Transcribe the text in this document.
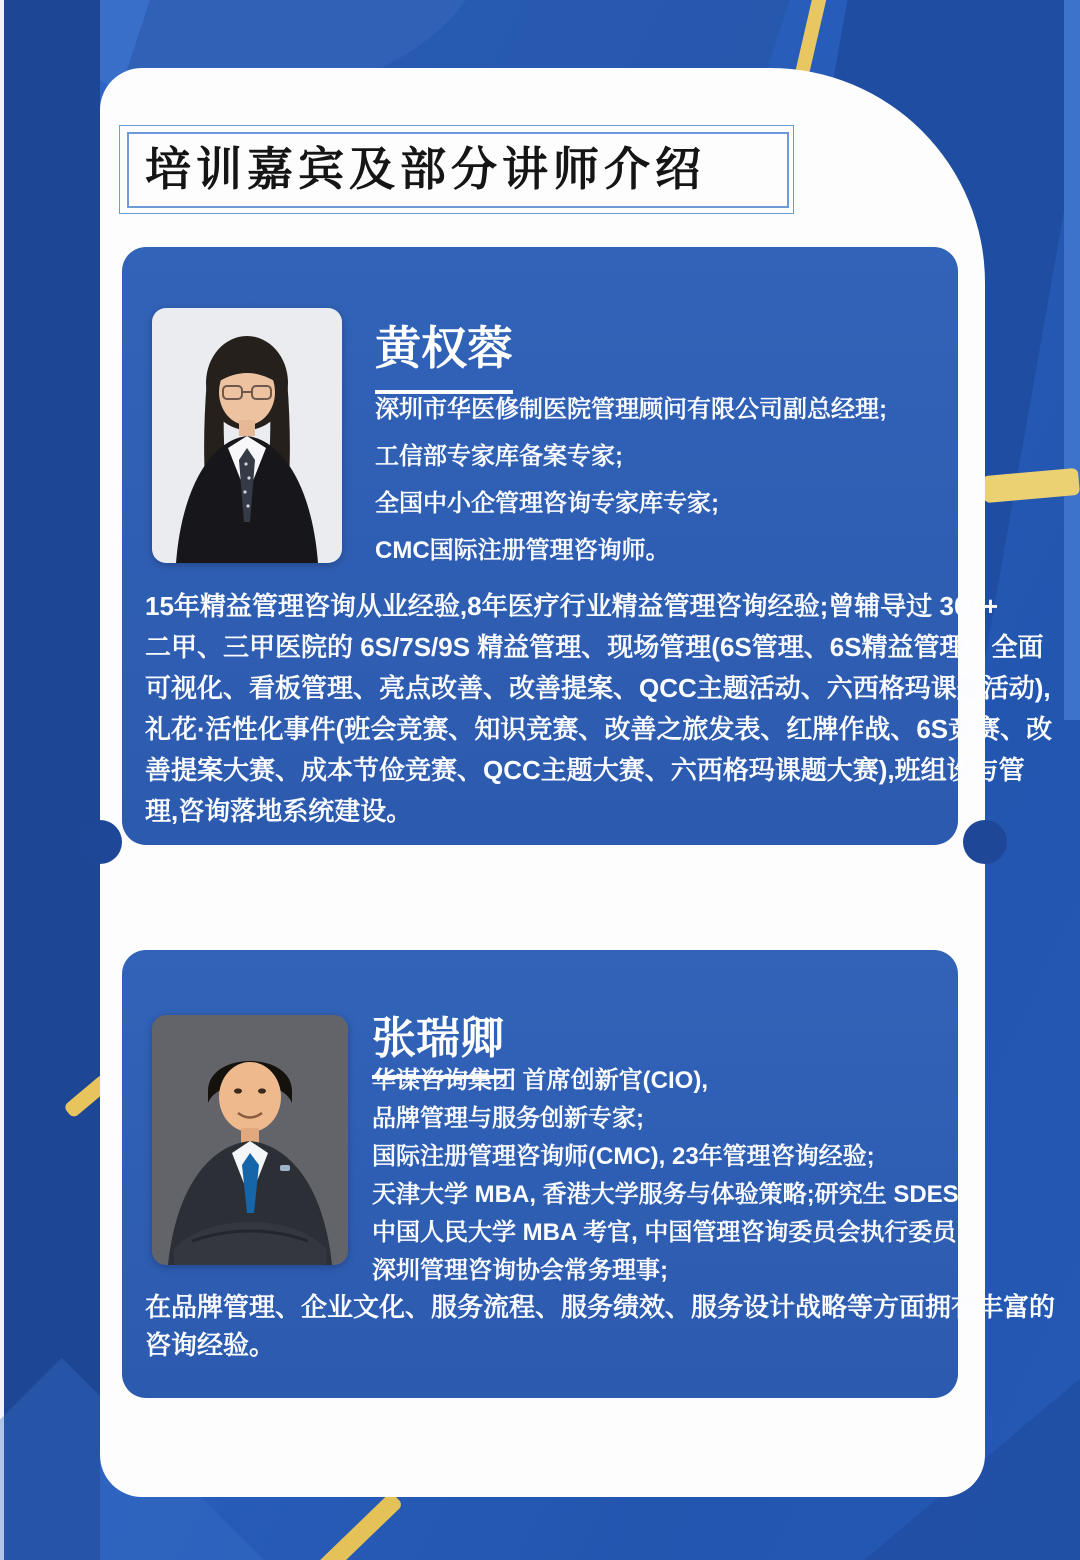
培训嘉宾及部分讲师介绍
黄权蓉
深圳市华医修制医院管理顾问有限公司副总经理;
工信部专家库备案专家;
全国中小企管理咨询专家库专家;
CMC国际注册管理咨询师。
15年精益管理咨询从业经验,8年医疗行业精益管理咨询经验;曾辅导过 300+
二甲、三甲医院的 6S/7S/9S 精益管理、现场管理(6S管理、6S精益管理、全面
可视化、看板管理、亮点改善、改善提案、QCC主题活动、六西格玛课题活动),
礼花·活性化事件(班会竞赛、知识竞赛、改善之旅发表、红牌作战、6S竞赛、改
善提案大赛、成本节俭竞赛、QCC主题大赛、六西格玛课题大赛),班组设与管
理,咨询落地系统建设。
张瑞卿
华谋咨询集团 首席创新官(CIO),
品牌管理与服务创新专家;
国际注册管理咨询师(CMC), 23年管理咨询经验;
天津大学 MBA, 香港大学服务与体验策略;研究生 SDES,
中国人民大学 MBA 考官, 中国管理咨询委员会执行委员,
深圳管理咨询协会常务理事;
在品牌管理、企业文化、服务流程、服务绩效、服务设计战略等方面拥有丰富的
咨询经验。
